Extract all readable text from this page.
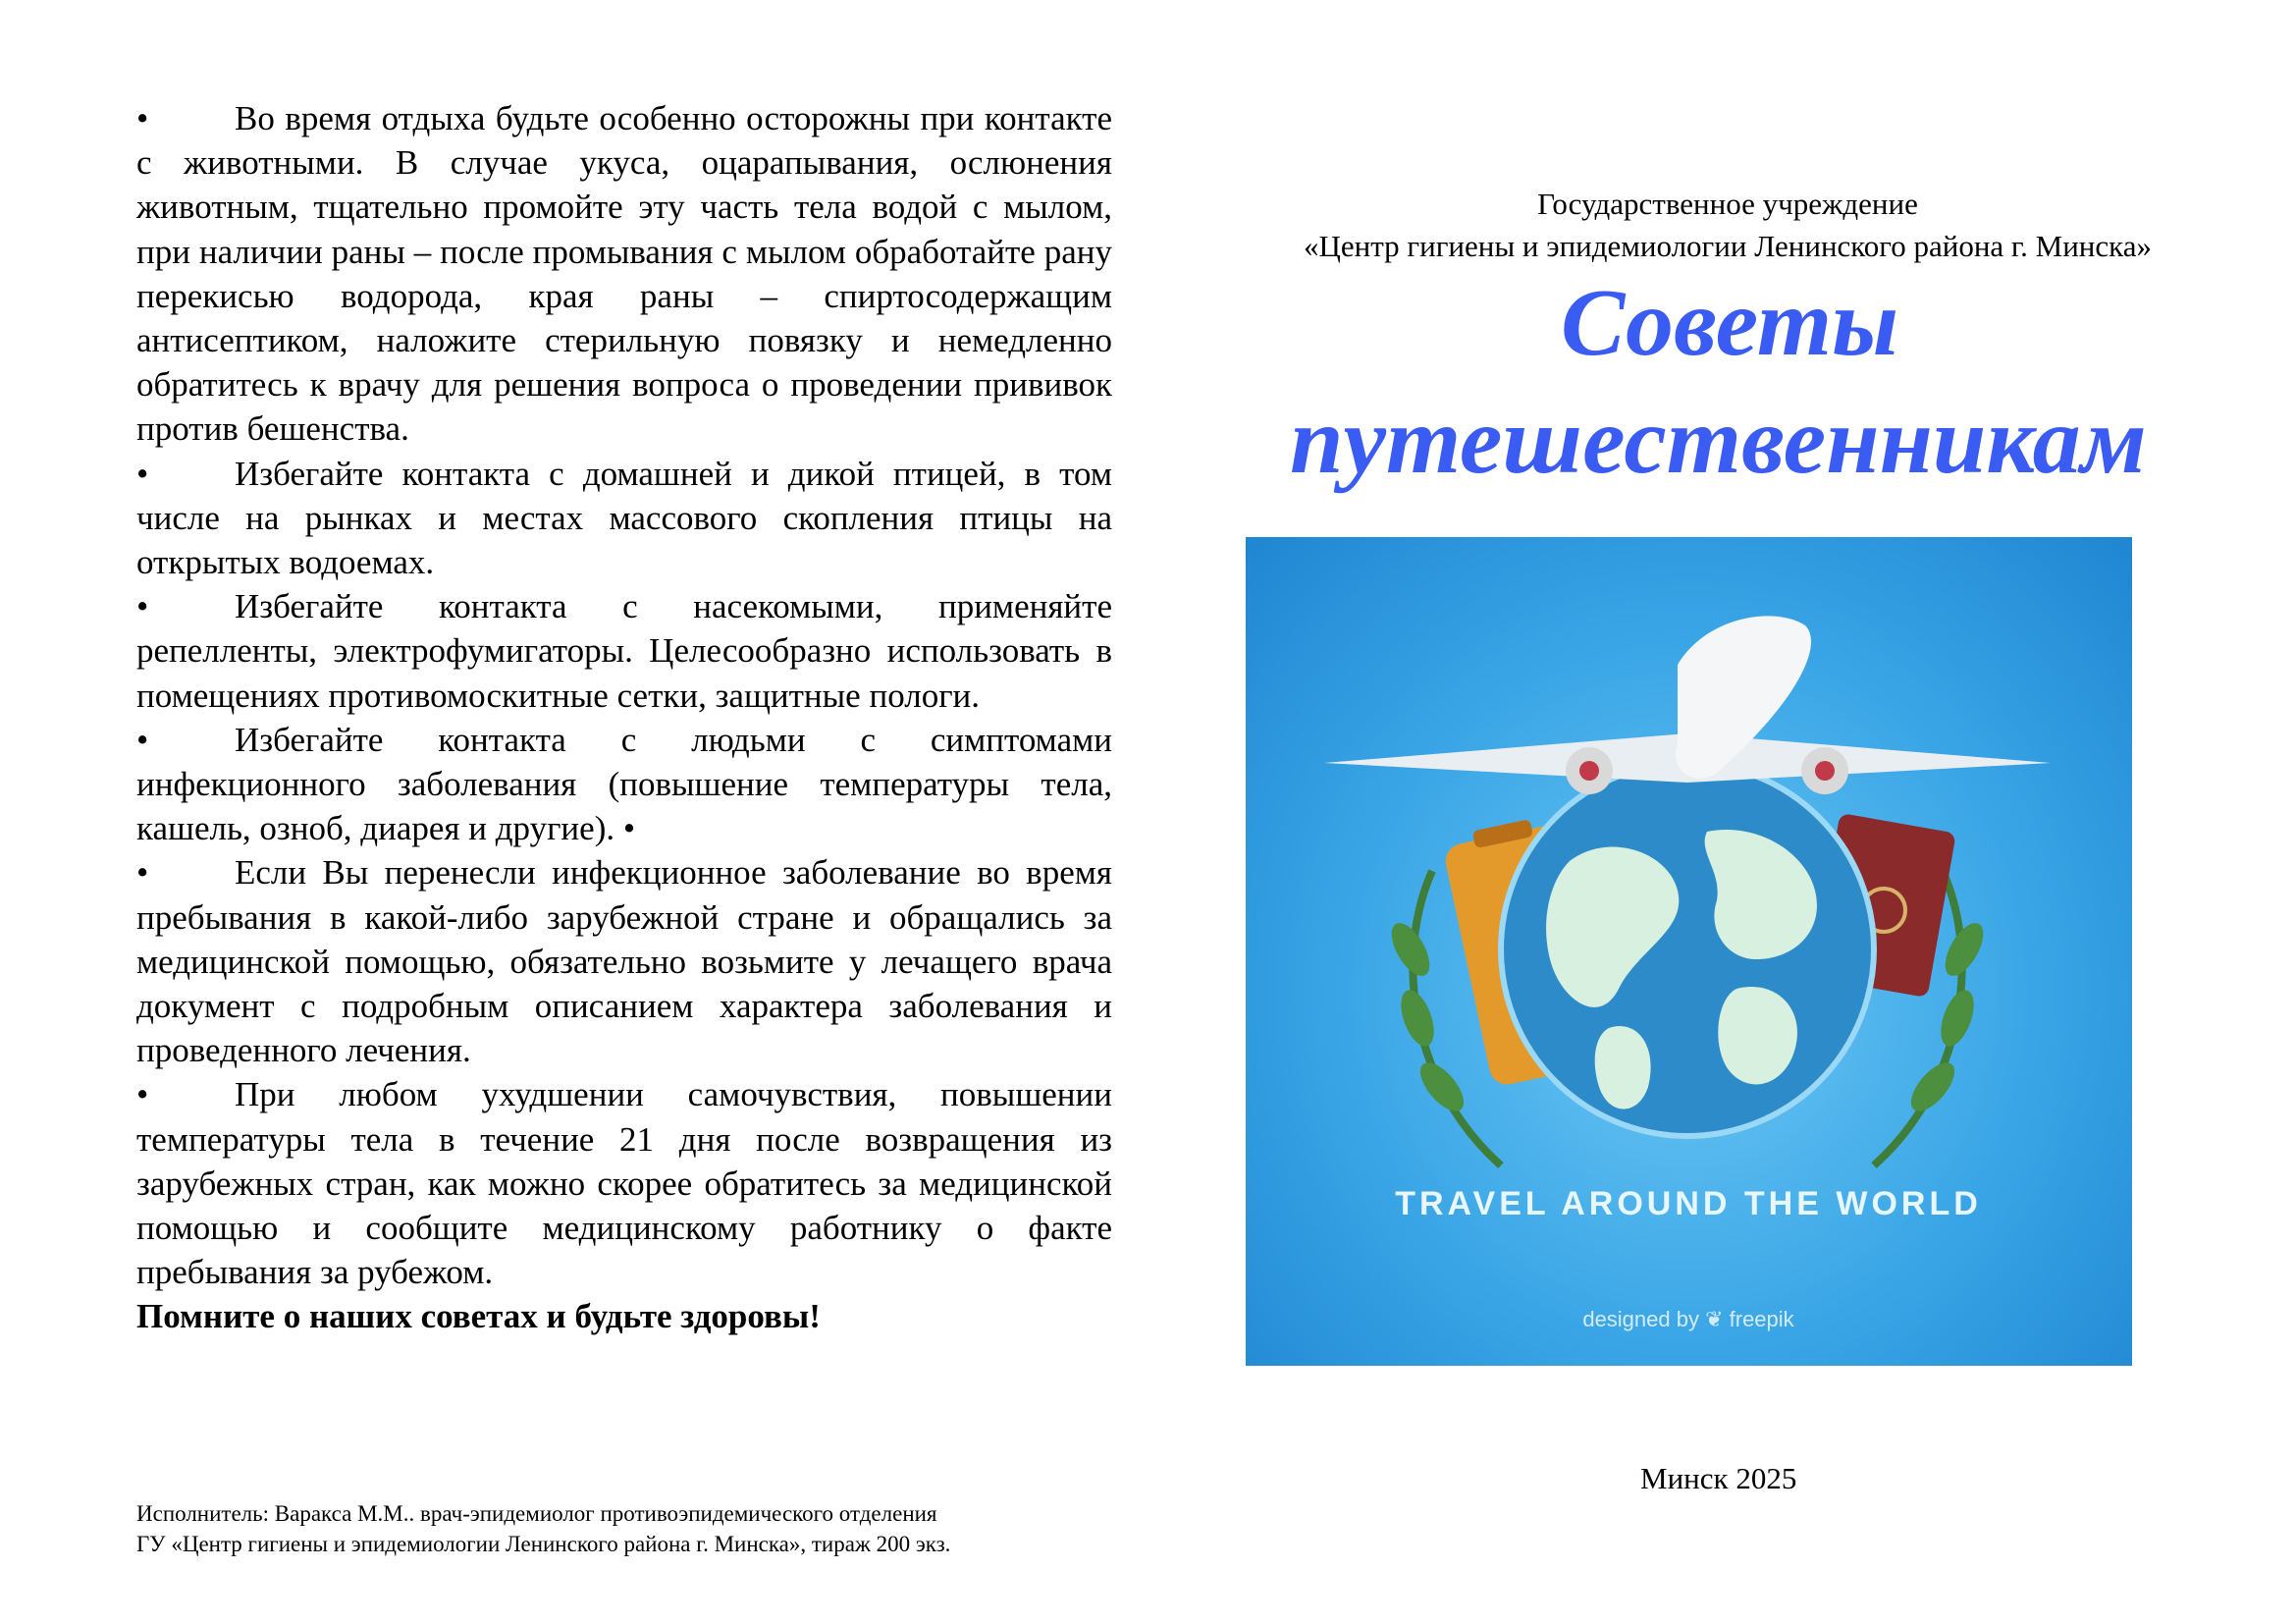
•	Во время отдыха будьте особенно осторожны при контакте с животными. В случае укуса, оцарапывания, ослюнения животным, тщательно промойте эту часть тела водой с мылом, при наличии раны – после промывания с мылом обработайте рану перекисью водорода, края раны – спиртосодержащим антисептиком, наложите стерильную повязку и немедленно обратитесь к врачу для решения вопроса о проведении прививок против бешенства.

•	Избегайте контакта с домашней и дикой птицей, в том числе на рынках и местах массового скопления птицы на открытых водоемах.

•	Избегайте контакта с насекомыми, применяйте репелленты, электрофумигаторы. Целесообразно использовать в помещениях противомоскитные сетки, защитные пологи.

•	Избегайте контакта с людьми с симптомами инфекционного заболевания (повышение температуры тела, кашель, озноб, диарея и другие). •

•	Если Вы перенесли инфекционное заболевание во время пребывания в какой-либо зарубежной стране и обращались за медицинской помощью, обязательно возьмите у лечащего врача документ с подробным описанием характера заболевания и проведенного лечения.

•	При любом ухудшении самочувствия, повышении температуры тела в течение 21 дня после возвращения из зарубежных стран, как можно скорее обратитесь за медицинской помощью и сообщите медицинскому работнику о факте пребывания за рубежом.

Помните о наших советах и будьте здоровы!

Исполнитель: Варакса М.М.. врач-эпидемиолог противоэпидемического отделения

ГУ «Центр гигиены и эпидемиологии Ленинского района г. Минска», тираж 200 экз.

Государственное учреждение

«Центр гигиены и эпидемиологии Ленинского района г. Минска»

Советы
путешественникам
TRAVEL AROUND THE WORLD
designed by ❦ freepik
Минск 2025
